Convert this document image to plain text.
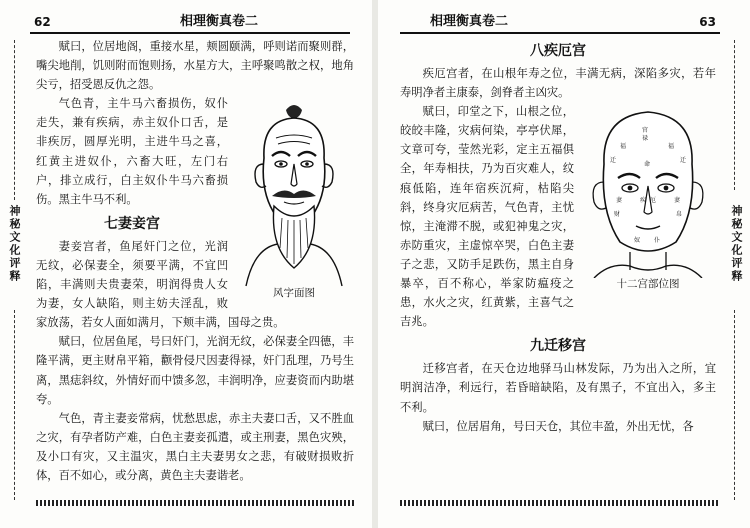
62	相理衡真卷二
神秘文化评释

赋曰，位居地阁，重接水星，颊圆颐满，呼则诺而聚则群，嘴尖地削，饥则附而饱则扬，水星方大，主呼聚鸣散之权，地角尖亏，招受恩反仇之怨。

风字面图

气色青，主牛马六畜损伤，奴仆走失，兼有疾病，赤主奴仆口舌，是非疾厉，圆厚光明，主进牛马之喜，红黄主进奴仆，六畜大旺，左门右户，排立成行，白主奴仆牛马六畜损伤。黑主牛马不利。

七妻妾宫

妻妾宫者，鱼尾奸门之位，光润无纹，必保妻全，须要平满，不宜凹陷，丰满则夫贵妻荣，明润得贵人女为妻，女人缺陷，则主妨夫淫乱，败家放荡，若女人面如满月，下颊丰满，国母之贵。

赋曰，位居鱼尾，号曰奸门，光润无纹，必保妻全四德，丰隆平满，更主财帛平箱，颧骨侵尺因妻得禄，奸门乱理，乃号生离，黑痣斜纹，外情好而中馈多忽，丰润明净，应妻资而内助堪夸。

气色，青主妻妾常病，忧愁思虑，赤主夫妻口舌，又不胜血之灾，有孕者防产难，白色主妻妾孤遣，或主刑妻，黑色灾殃，及小口有灾，又主温灾，黑白主夫妻男女之悲，有破财损败折体，百不如心，或分离，黄色主夫妻谐老。

相理衡真卷二	63
神秘文化评释
八疾厄宫

疾厄宫者，在山根年寿之位，丰满无病，深陷多灾，若年寿明净者主康泰，剑脊者主凶灾。

官
禄
福	福
迁	迁
命
妻	妻
疾 厄
财	帛
奴 仆
十二宫部位图

赋曰，印堂之下，山根之位，皎皎丰隆，灾病何染，亭亭伏犀，文章可夸，莹然光彩，定主五福俱全，年寿相扶，乃为百灾难人，纹痕低陷，连年宿疾沉疴，枯陷尖斜，终身灾厄病苦，气色青，主忧惊，主淹滞不脱，或犯神鬼之灾，赤防重灾，主虚惊卒哭，白色主妻子之悲，又防手足跌伤，黑主自身暴卒，百不称心，举家防瘟疫之患，水火之灾，红黄紫，主喜气之吉兆。

九迁移宫

迁移宫者，在天仓边地驿马山林发际，乃为出入之所，宜明润洁净，利远行，若昏暗缺陷，及有黑子，不宜出入，多主不利。

赋曰，位居眉角，号曰天仓，其位丰盈，外出无忧，各
